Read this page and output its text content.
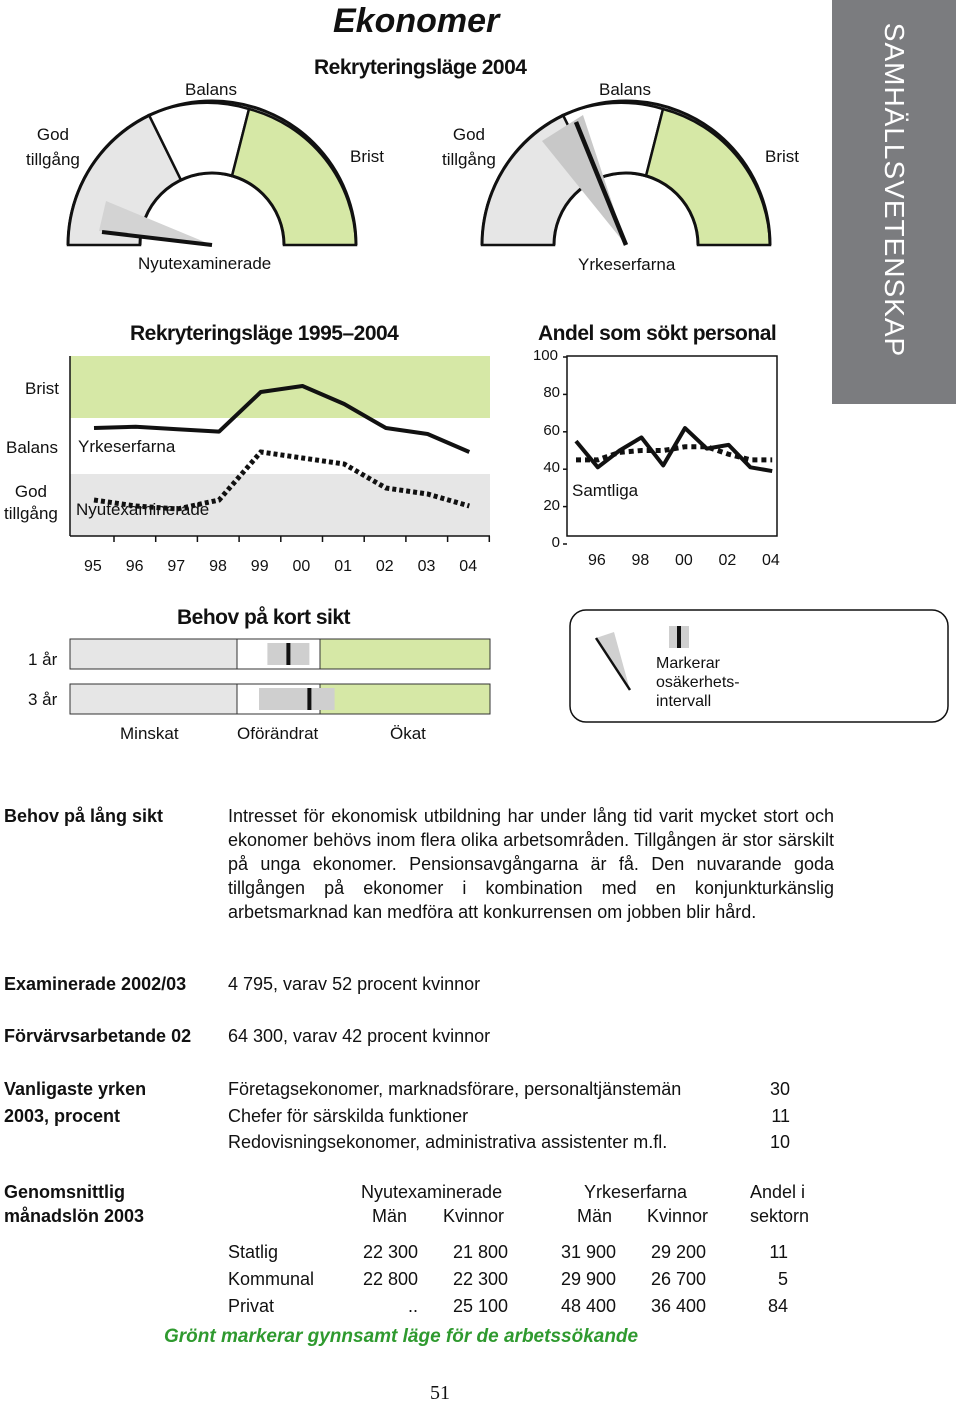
SAMHÄLLSVETENSKAP
Ekonomer
Rekryteringsläge 2004
Balans
God
tillgång	Brist
Nyutexaminerade
Balans
God
tillgång	Brist
Yrkeserfarna
Rekryteringsläge 1995–2004
Brist
Balans
God
tillgång
Yrkeserfarna
Nyutexaminerade
95 96 97 98 99 00 01 02 03 04
Andel som sökt personal
0
20
40
60
80
100
96 98 00 02 04
Samtliga
Behov på kort sikt
1 år
3 år
Minskat	Oförändrat	Ökat
Markerar
osäkerhets-
intervall
Behov på lång sikt	Intresset för ekonomisk utbildning har under lång tid varit mycket stort och ekonomer behövs inom flera olika arbetsområden. Tillgången är stor särskilt på unga ekonomer. Pensionsavgångarna är få. Den nuvarande goda tillgången på ekonomer i kombination med en konjunkturkänslig arbetsmarknad kan medföra att konkurrensen om jobben blir hård.
Examinerade 2002/03 4 795, varav 52 procent kvinnor
Förvärvsarbetande 02 64 300, varav 42 procent kvinnor
Vanligaste yrken
2003, procent
Företagsekonomer, marknadsförare, personaltjänstemän	30
Chefer för särskilda funktioner	11
Redovisningsekonomer, administrativa assistenter m.fl.	10
Genomsnittlig
månadslön 2003
Nyutexaminerade	Yrkeserfarna	Andel i
sektorn
Män Kvinnor	Män Kvinnor
Statlig	22 300	21 800	31 900	29 200	11
Kommunal	22 800	22 300	29 900	26 700	5
Privat	..	25 100	48 400	36 400	84
Grönt markerar gynnsamt läge för de arbetssökande
51
